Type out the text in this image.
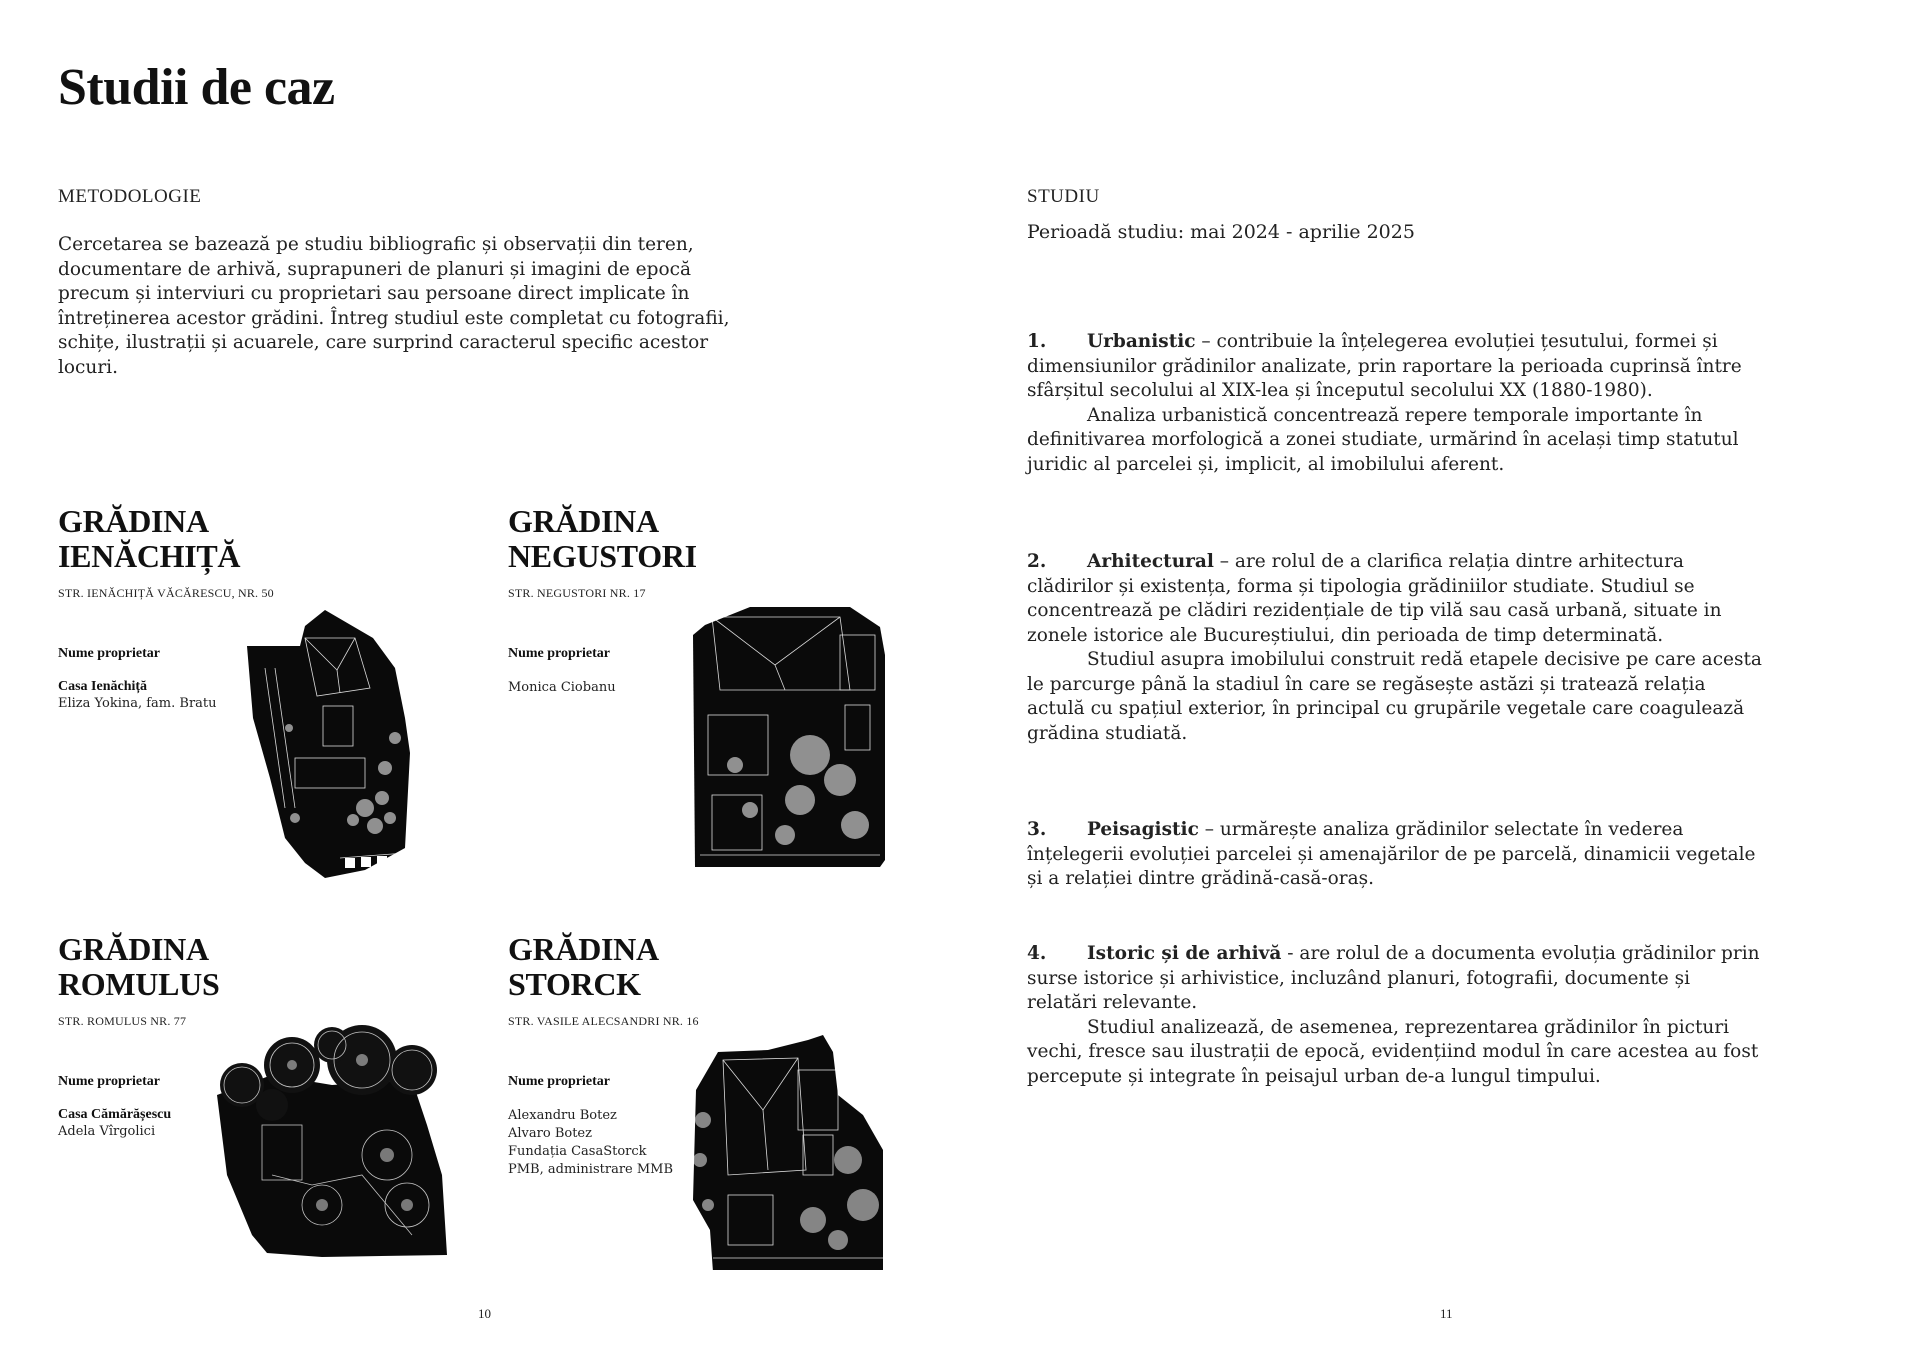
Studii de caz
METODOLOGIE
Cercetarea se bazează pe studiu bibliografic și observații din teren, documentare de arhivă, suprapuneri de planuri și imagini de epocă precum și interviuri cu proprietari sau persoane direct implicate în întreținerea acestor grădini. Întreg studiul este completat cu fotografii, schițe, ilustrații și acuarele, care surprind caracterul specific acestor locuri.
GRĂDINA
IENĂCHIȚĂ
STR. IENĂCHIȚĂ VĂCĂRESCU, NR. 50
Nume proprietar
Casa Ienăchiță
Eliza Yokina, fam. Bratu
GRĂDINA
NEGUSTORI
STR. NEGUSTORI NR. 17
Nume proprietar
Monica Ciobanu
GRĂDINA
ROMULUS
STR. ROMULUS NR. 77
Nume proprietar
Casa Cămărășescu
Adela Vîrgolici
GRĂDINA
STORCK
STR. VASILE ALECSANDRI NR. 16
Nume proprietar
Alexandru Botez
Alvaro Botez
Fundația CasaStorck
PMB, administrare MMB
10
STUDIU
Perioadă studiu: mai 2024 - aprilie 2025

1. Urbanistic – contribuie la înțelegerea evoluției țesutului, formei și dimensiunilor grădinilor analizate, prin raportare la perioada cuprinsă între sfârșitul secolului al XIX-lea și începutul secolului XX (1880-1980).

Analiza urbanistică concentrează repere temporale importante în definitivarea morfologică a zonei studiate, urmărind în același timp statutul juridic al parcelei și, implicit, al imobilului aferent.

2. Arhitectural – are rolul de a clarifica relația dintre arhitectura clădirilor și existența, forma și tipologia grădiniilor studiate. Studiul se concentrează pe clădiri rezidențiale de tip vilă sau casă urbană, situate in zonele istorice ale Bucureștiului, din perioada de timp determinată.

Studiul asupra imobilului construit redă etapele decisive pe care acesta le parcurge până la stadiul în care se regăsește astăzi și tratează relația actulă cu spațiul exterior, în principal cu grupările vegetale care coagulează grădina studiată.

3. Peisagistic – urmărește analiza grădinilor selectate în vederea înțelegerii evoluției parcelei și amenajărilor de pe parcelă, dinamicii vegetale și a relației dintre grădină-casă-oraș.

4. Istoric și de arhivă - are rolul de a documenta evoluția grădinilor prin surse istorice și arhivistice, incluzând planuri, fotografii, documente și relatări relevante.

Studiul analizează, de asemenea, reprezentarea grădinilor în picturi vechi, fresce sau ilustrații de epocă, evidențiind modul în care acestea au fost percepute și integrate în peisajul urban de-a lungul timpului.

11
